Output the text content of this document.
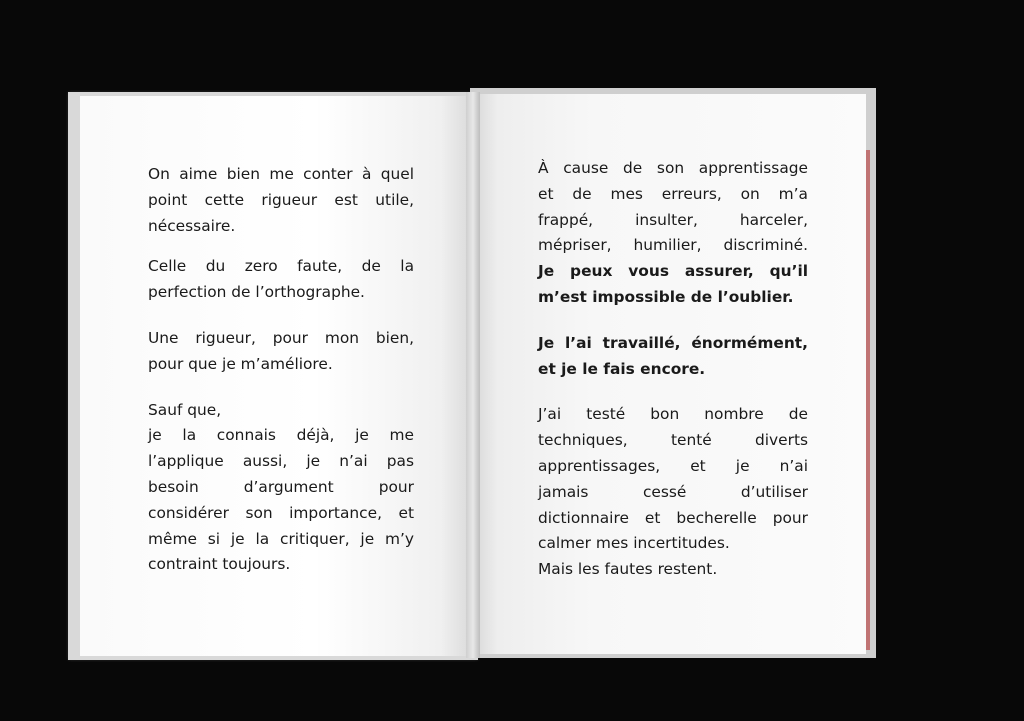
On aime bien me conter à quel
point cette rigueur est utile,
nécessaire.

Celle du zero faute, de la
perfection de l’orthographe.

Une rigueur, pour mon bien,
pour que je m’améliore.

Sauf que,
je la connais déjà, je me
l’applique aussi, je n’ai pas
besoin d’argument pour
considérer son importance, et
même si je la critiquer, je m’y
contraint toujours.

À cause de son apprentissage
et de mes erreurs, on m’a
frappé, insulter, harceler,
mépriser, humilier, discriminé.
Je peux vous assurer, qu’il
m’est impossible de l’oublier.

Je l’ai travaillé, énormément,
et je le fais encore.

J’ai testé bon nombre de
techniques, tenté diverts
apprentissages, et je n’ai
jamais cessé d’utiliser
dictionnaire et becherelle pour
calmer mes incertitudes.
Mais les fautes restent.
